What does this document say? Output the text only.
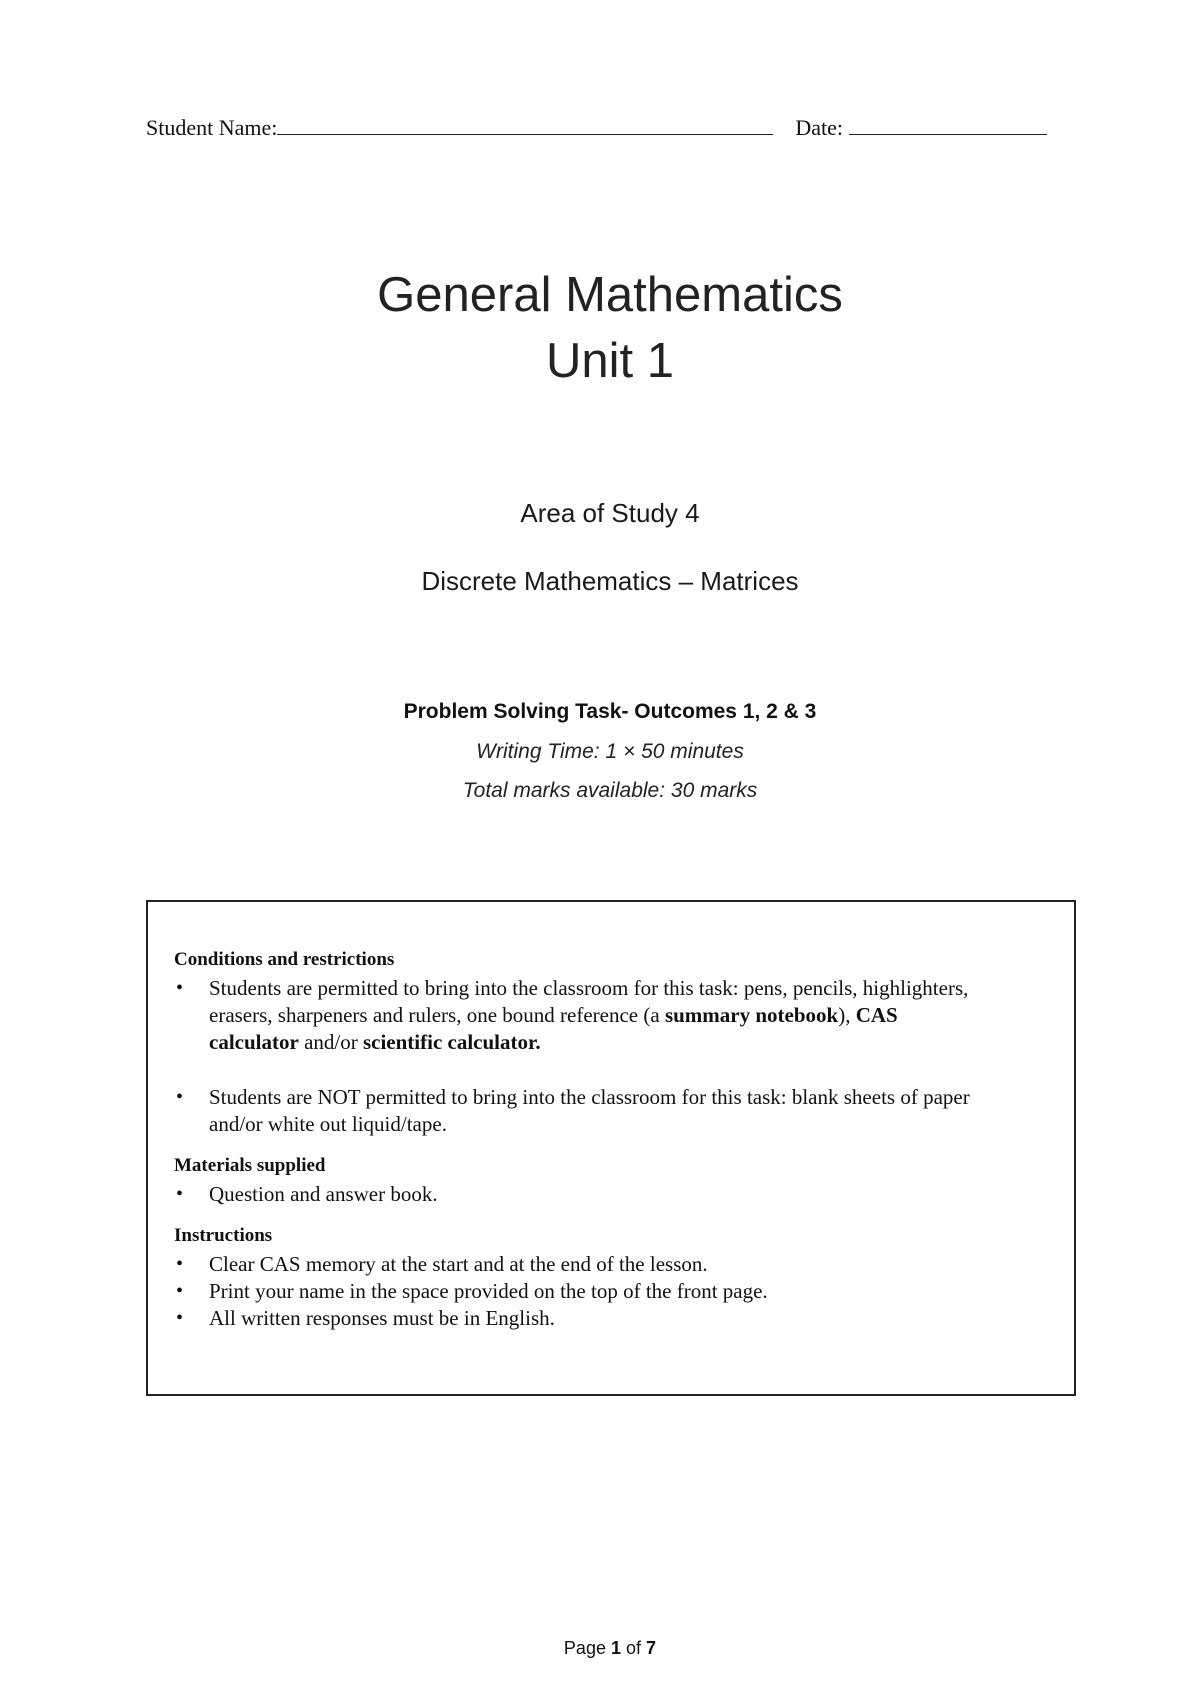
Student Name:	Date:
General Mathematics
Unit 1
Area of Study 4
Discrete Mathematics – Matrices
Problem Solving Task- Outcomes 1, 2 & 3
Writing Time: 1 × 50 minutes
Total marks available: 30 marks
Conditions and restrictions
• Students are permitted to bring into the classroom for this task: pens, pencils, highlighters, erasers, sharpeners and rulers, one bound reference (a summary notebook), CAS calculator and/or scientific calculator.
• Students are NOT permitted to bring into the classroom for this task: blank sheets of paper and/or white out liquid/tape.
Materials supplied
• Question and answer book.
Instructions
• Clear CAS memory at the start and at the end of the lesson.
• Print your name in the space provided on the top of the front page.
• All written responses must be in English.
Page 1 of 7
